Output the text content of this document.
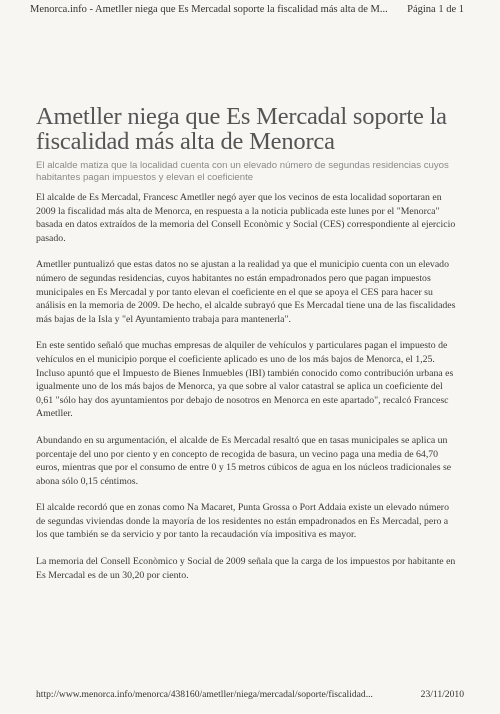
Menorca.info - Ametller niega que Es Mercadal soporte la fiscalidad más alta de M... Página 1 de 1
Ametller niega que Es Mercadal soporte la fiscalidad más alta de Menorca

El alcalde matiza que la localidad cuenta con un elevado número de segundas residencias cuyos habitantes pagan impuestos y elevan el coeficiente

El alcalde de Es Mercadal, Francesc Ametller negó ayer que los vecinos de esta localidad soportaran en 2009 la fiscalidad más alta de Menorca, en respuesta a la noticia publicada este lunes por el "Menorca" basada en datos extraídos de la memoria del Consell Econòmic y Social (CES) correspondiente al ejercicio pasado.

Ametller puntualizó que estas datos no se ajustan a la realidad ya que el municipio cuenta con un elevado número de segundas residencias, cuyos habitantes no están empadronados pero que pagan impuestos municipales en Es Mercadal y por tanto elevan el coeficiente en el que se apoya el CES para hacer su análisis en la memoria de 2009. De hecho, el alcalde subrayó que Es Mercadal tiene una de las fiscalidades más bajas de la Isla y "el Ayuntamiento trabaja para mantenerla".

En este sentido señaló que muchas empresas de alquiler de vehículos y particulares pagan el impuesto de vehículos en el municipio porque el coeficiente aplicado es uno de los más bajos de Menorca, el 1,25. Incluso apuntó que el Impuesto de Bienes Inmuebles (IBI) también conocido como contribución urbana es igualmente uno de los más bajos de Menorca, ya que sobre al valor catastral se aplica un coeficiente del 0,61 "sólo hay dos ayuntamientos por debajo de nosotros en Menorca en este apartado", recalcó Francesc Ametller.

Abundando en su argumentación, el alcalde de Es Mercadal resaltó que en tasas municipales se aplica un porcentaje del uno por ciento y en concepto de recogida de basura, un vecino paga una media de 64,70 euros, mientras que por el consumo de entre 0 y 15 metros cúbicos de agua en los núcleos tradicionales se abona sólo 0,15 céntimos.

El alcalde recordó que en zonas como Na Macaret, Punta Grossa o Port Addaia existe un elevado número de segundas viviendas donde la mayoría de los residentes no están empadronados en Es Mercadal, pero a los que también se da servicio y por tanto la recaudación vía impositiva es mayor.

La memoria del Consell Econòmico y Social de 2009 señala que la carga de los impuestos por habitante en Es Mercadal es de un 30,20 por ciento.

http://www.menorca.info/menorca/438160/ametller/niega/mercadal/soporte/fiscalidad...	23/11/2010
